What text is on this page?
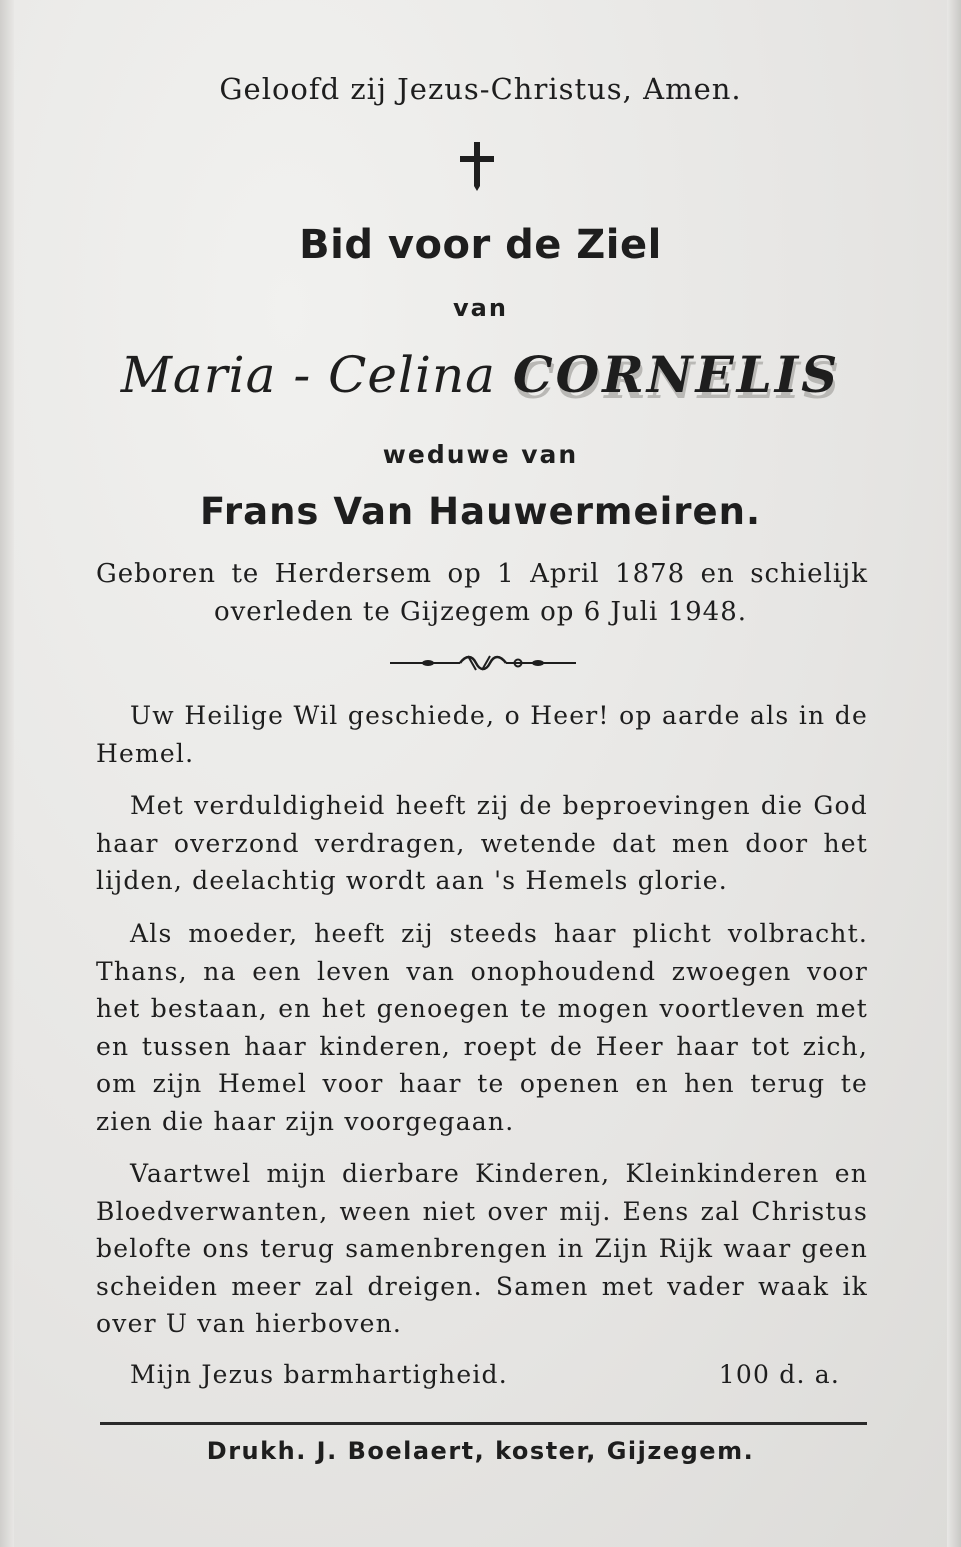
Geloofd zij Jezus-Christus, Amen.
Bid voor de Ziel
van
Maria - Celina CORNELIS
weduwe van
Frans Van Hauwermeiren.
Geboren te Herdersem op 1 April 1878 en schielijk
overleden te Gijzegem op 6 Juli 1948.

Uw Heilige Wil geschiede, o Heer! op aarde als in de Hemel.

Met verduldigheid heeft zij de beproevingen die God haar overzond verdragen, wetende dat men door het lijden, deelachtig wordt aan 's Hemels glorie.

Als moeder, heeft zij steeds haar plicht volbracht. Thans, na een leven van onophoudend zwoegen voor het bestaan, en het genoegen te mogen voortleven met en tussen haar kinderen, roept de Heer haar tot zich, om zijn Hemel voor haar te openen en hen terug te zien die haar zijn voorgegaan.

Vaartwel mijn dierbare Kinderen, Kleinkinderen en Bloedverwanten, ween niet over mij. Eens zal Christus belofte ons terug samenbrengen in Zijn Rijk waar geen scheiden meer zal dreigen. Samen met vader waak ik over U van hierboven.

Mijn Jezus barmhartigheid.	100 d. a.
Drukh. J. Boelaert, koster, Gijzegem.
